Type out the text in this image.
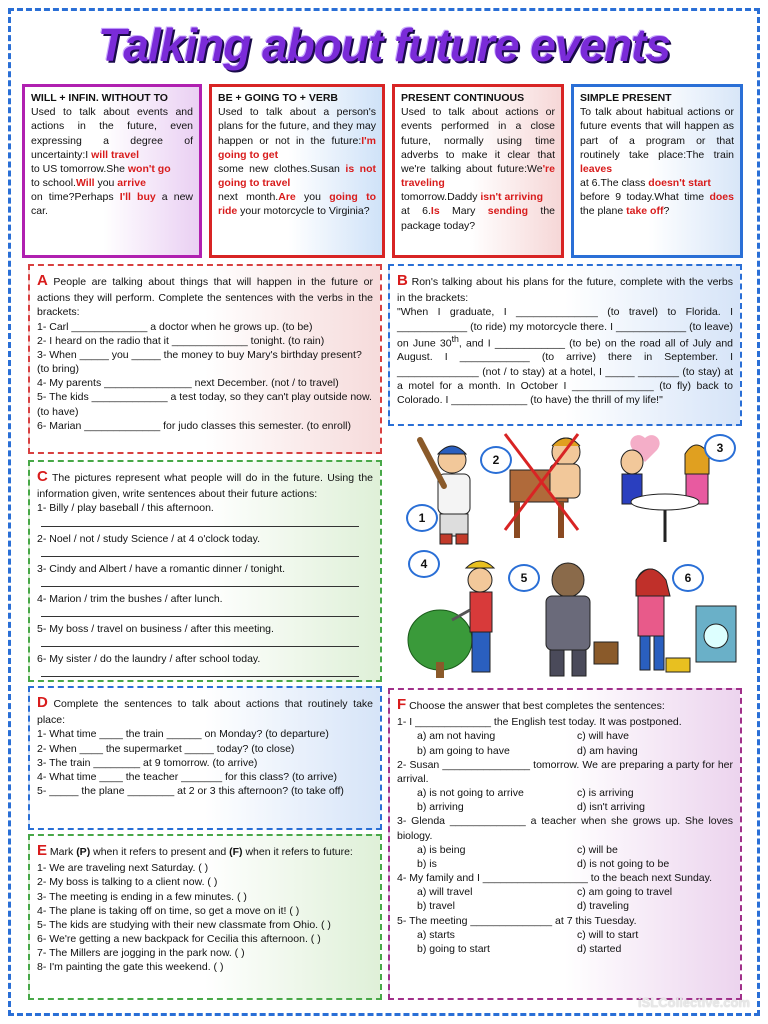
Talking about future events
WILL + INFIN. WITHOUT TO

Used to talk about events and actions in the future, even expressing a degree of uncertainty:I will travel
to US tomorrow.She won't go
to school.Will you arrive
on time?Perhaps I'll buy a new car.

BE + GOING TO + VERB

Used to talk about a person's plans for the future, and they may happen or not in the future:I'm going to get
some new clothes.Susan is not going to travel
next month.Are you going to ride your motorcycle to Virginia?

PRESENT CONTINUOUS

Used to talk about actions or events performed in a close future, normally using time adverbs to make it clear that we're talking about future:We're traveling
tomorrow.Daddy isn't arriving
at 6.Is Mary sending the package today?

SIMPLE PRESENT

To talk about habitual actions or future events that will happen as part of a program or that routinely take place:The train leaves
at 6.The class doesn't start
before 9 today.What time does the plane take off?

A People are talking about things that will happen in the future or actions they will perform. Complete the sentences with the verbs in the brackets:

1- Carl _____________ a doctor when he grows up. (to be)
2- I heard on the radio that it _____________ tonight. (to rain)
3- When _____ you _____ the money to buy Mary's birthday present? (to bring)
4- My parents _______________ next December. (not / to travel)
5- The kids _____________ a test today, so they can't play outside now. (to have)
6- Marian _____________ for judo classes this semester. (to enroll)

B Ron's talking about his plans for the future, complete with the verbs in the brackets:

"When I graduate, I ______________ (to travel) to Florida. I ____________ (to ride) my motorcycle there. I ____________ (to leave) on June 30th, and I ____________ (to be) on the road all of July and August. I ____________ (to arrive) there in September. I ______________ (not / to stay) at a hotel, I _____ _______ (to stay) at a motel for a month. In October I ______________ (to fly) back to Colorado. I _____________ (to have) the thrill of my life!"

C The pictures represent what people will do in the future. Using the information given, write sentences about their future actions:

1- Billy / play baseball / this afternoon.
2- Noel / not / study Science / at 4 o'clock today.
3- Cindy and Albert / have a romantic dinner / tonight.
4- Marion / trim the bushes / after lunch.
5- My boss / travel on business / after this meeting.
6- My sister / do the laundry / after school today.
1
2
3
4
5	6

D Complete the sentences to talk about actions that routinely take place:

1- What time ____ the train ______ on Monday? (to departure)
2- When ____ the supermarket _____ today? (to close)
3- The train ________ at 9 tomorrow. (to arrive)
4- What time ____ the teacher _______ for this class? (to arrive)
5- _____ the plane ________ at 2 or 3 this afternoon? (to take off)

E Mark (P) when it refers to present and (F) when it refers to future:

1- We are traveling next Saturday. ( )
2- My boss is talking to a client now. ( )
3- The meeting is ending in a few minutes. ( )
4- The plane is taking off on time, so get a move on it! ( )
5- The kids are studying with their new classmate from Ohio. ( )
6- We're getting a new backpack for Cecilia this afternoon. ( )
7- The Millers are jogging in the park now. ( )
8- I'm painting the gate this weekend. ( )

F Choose the answer that best completes the sentences:

1- I _____________ the English test today. It was postponed.

a) am not having	c) will have
b) am going to have	d) am having

2- Susan _______________ tomorrow. We are preparing a party for her arrival.

a) is not going to arrive	c) is arriving
b) arriving	d) isn't arriving

3- Glenda _____________ a teacher when she grows up. She loves biology.

a) is being	c) will be
b) is	d) is not going to be

4- My family and I __________________ to the beach next Sunday.

a) will travel	c) am going to travel
b) travel	d) traveling

5- The meeting ______________ at 7 this Tuesday.

a) starts	c) will to start
b) going to start	d) started
iSLCollective.com
